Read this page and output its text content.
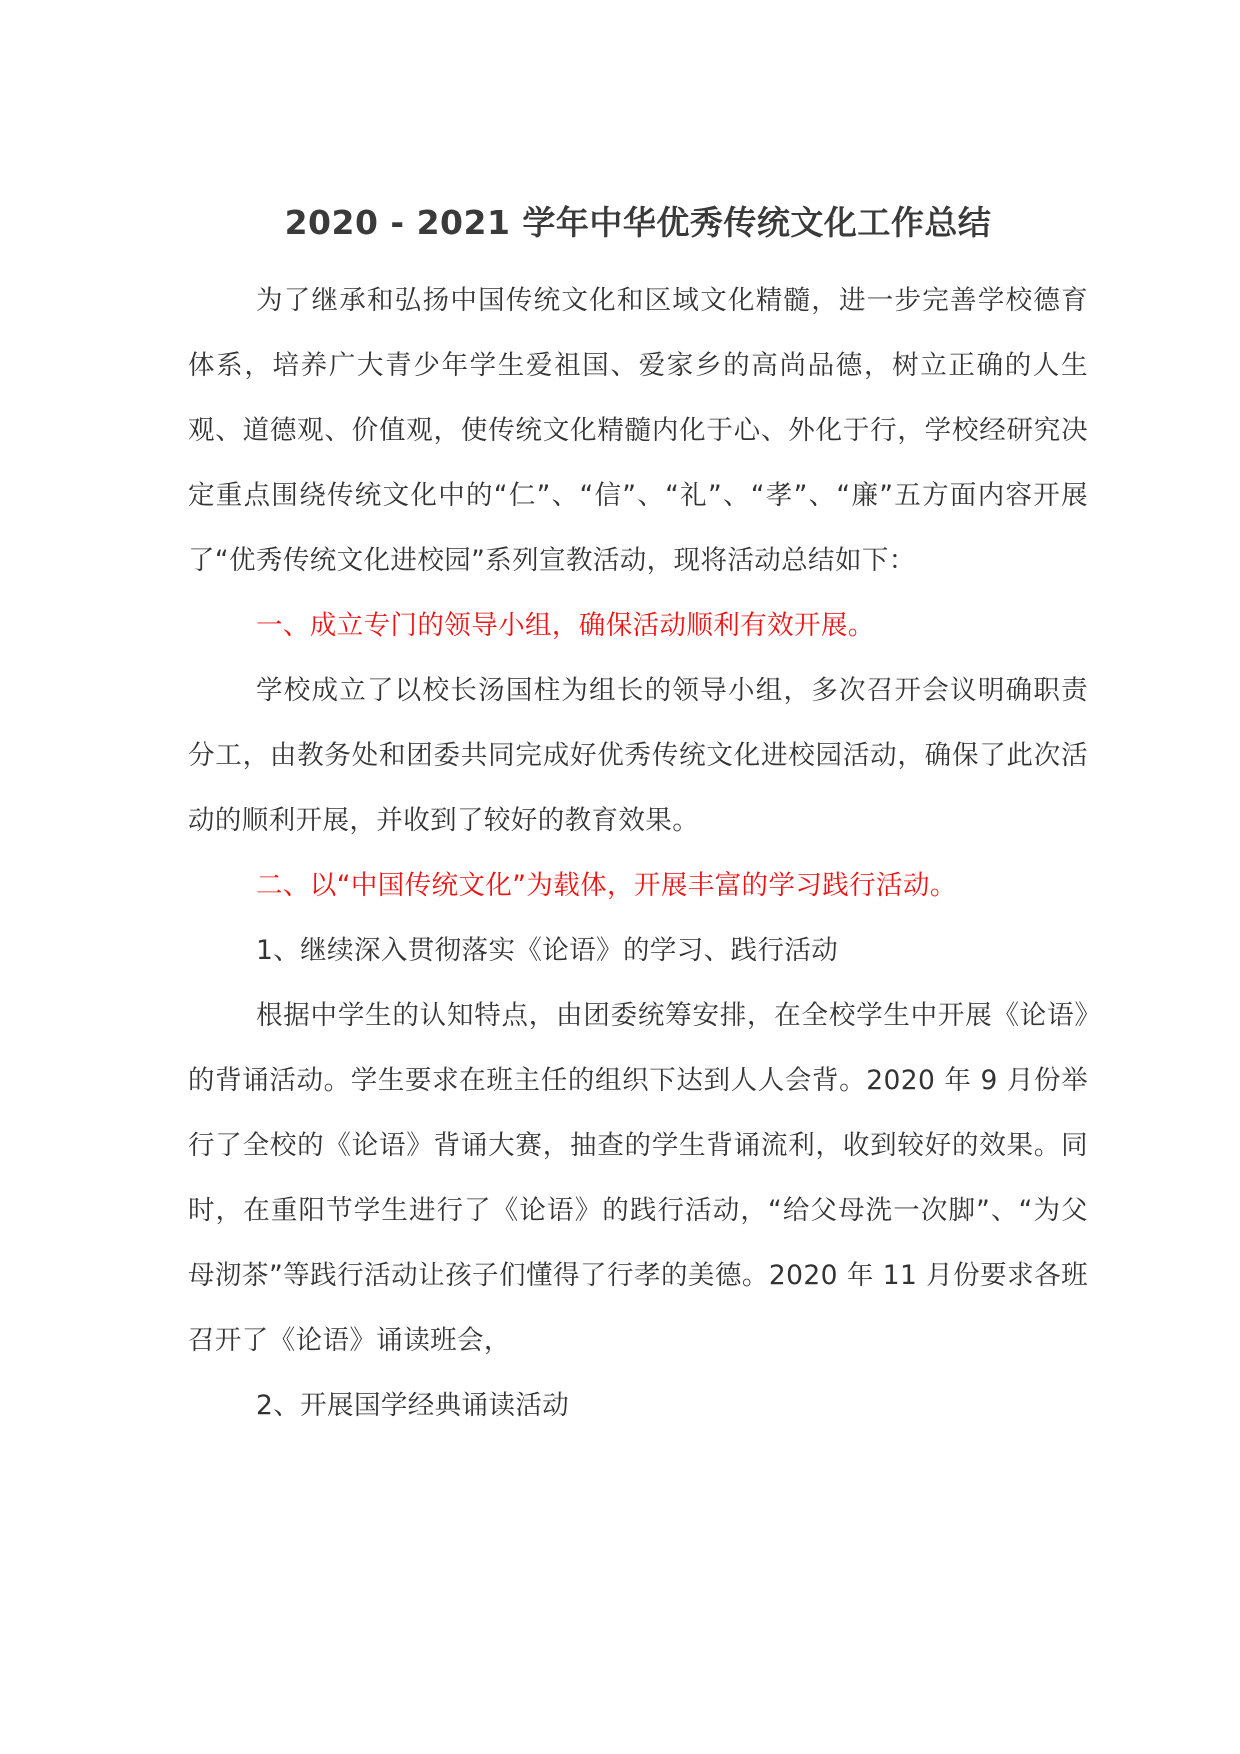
2020 - 2021 学年中华优秀传统文化工作总结

为了继承和弘扬中国传统文化和区域文化精髓，进一步完善学校德育体系，培养广大青少年学生爱祖国、爱家乡的高尚品德，树立正确的人生观、道德观、价值观，使传统文化精髓内化于心、外化于行，学校经研究决定重点围绕传统文化中的“仁”、“信”、“礼”、“孝”、“廉”五方面内容开展了“优秀传统文化进校园”系列宣教活动，现将活动总结如下：

一、成立专门的领导小组，确保活动顺利有效开展。

学校成立了以校长汤国柱为组长的领导小组，多次召开会议明确职责分工，由教务处和团委共同完成好优秀传统文化进校园活动，确保了此次活动的顺利开展，并收到了较好的教育效果。

二、以“中国传统文化”为载体，开展丰富的学习践行活动。

1、继续深入贯彻落实《论语》的学习、践行活动

根据中学生的认知特点，由团委统筹安排，在全校学生中开展《论语》的背诵活动。学生要求在班主任的组织下达到人人会背。2020 年 9 月份举行了全校的《论语》背诵大赛，抽查的学生背诵流利，收到较好的效果。同时，在重阳节学生进行了《论语》的践行活动，“给父母洗一次脚”、“为父母沏茶”等践行活动让孩子们懂得了行孝的美德。2020 年 11 月份要求各班召开了《论语》诵读班会，

2、开展国学经典诵读活动
